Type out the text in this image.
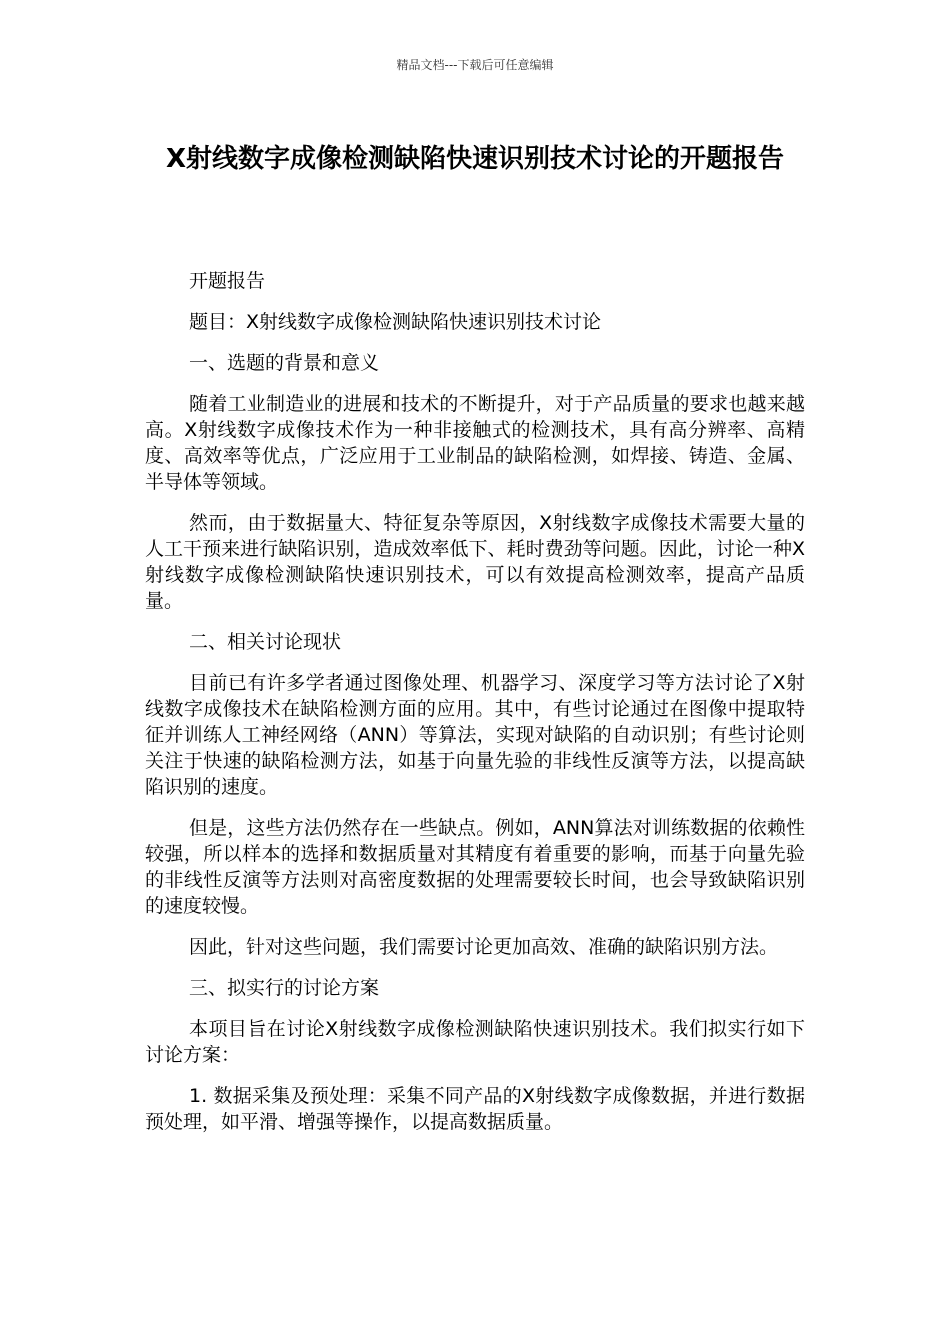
精品文档---下载后可任意编辑
X射线数字成像检测缺陷快速识别技术讨论的开题报告

开题报告

题目：X射线数字成像检测缺陷快速识别技术讨论

一、选题的背景和意义

随着工业制造业的进展和技术的不断提升，对于产品质量的要求也越来越高。X射线数字成像技术作为一种非接触式的检测技术，具有高分辨率、高精度、高效率等优点，广泛应用于工业制品的缺陷检测，如焊接、铸造、金属、半导体等领域。

然而，由于数据量大、特征复杂等原因，X射线数字成像技术需要大量的人工干预来进行缺陷识别，造成效率低下、耗时费劲等问题。因此，讨论一种X射线数字成像检测缺陷快速识别技术，可以有效提高检测效率，提高产品质量。

二、相关讨论现状

目前已有许多学者通过图像处理、机器学习、深度学习等方法讨论了X射线数字成像技术在缺陷检测方面的应用。其中，有些讨论通过在图像中提取特征并训练人工神经网络（ANN）等算法，实现对缺陷的自动识别；有些讨论则关注于快速的缺陷检测方法，如基于向量先验的非线性反演等方法，以提高缺陷识别的速度。

但是，这些方法仍然存在一些缺点。例如，ANN算法对训练数据的依赖性较强，所以样本的选择和数据质量对其精度有着重要的影响，而基于向量先验的非线性反演等方法则对高密度数据的处理需要较长时间，也会导致缺陷识别的速度较慢。

因此，针对这些问题，我们需要讨论更加高效、准确的缺陷识别方法。

三、拟实行的讨论方案

本项目旨在讨论X射线数字成像检测缺陷快速识别技术。我们拟实行如下讨论方案：

1. 数据采集及预处理：采集不同产品的X射线数字成像数据，并进行数据预处理，如平滑、增强等操作，以提高数据质量。
